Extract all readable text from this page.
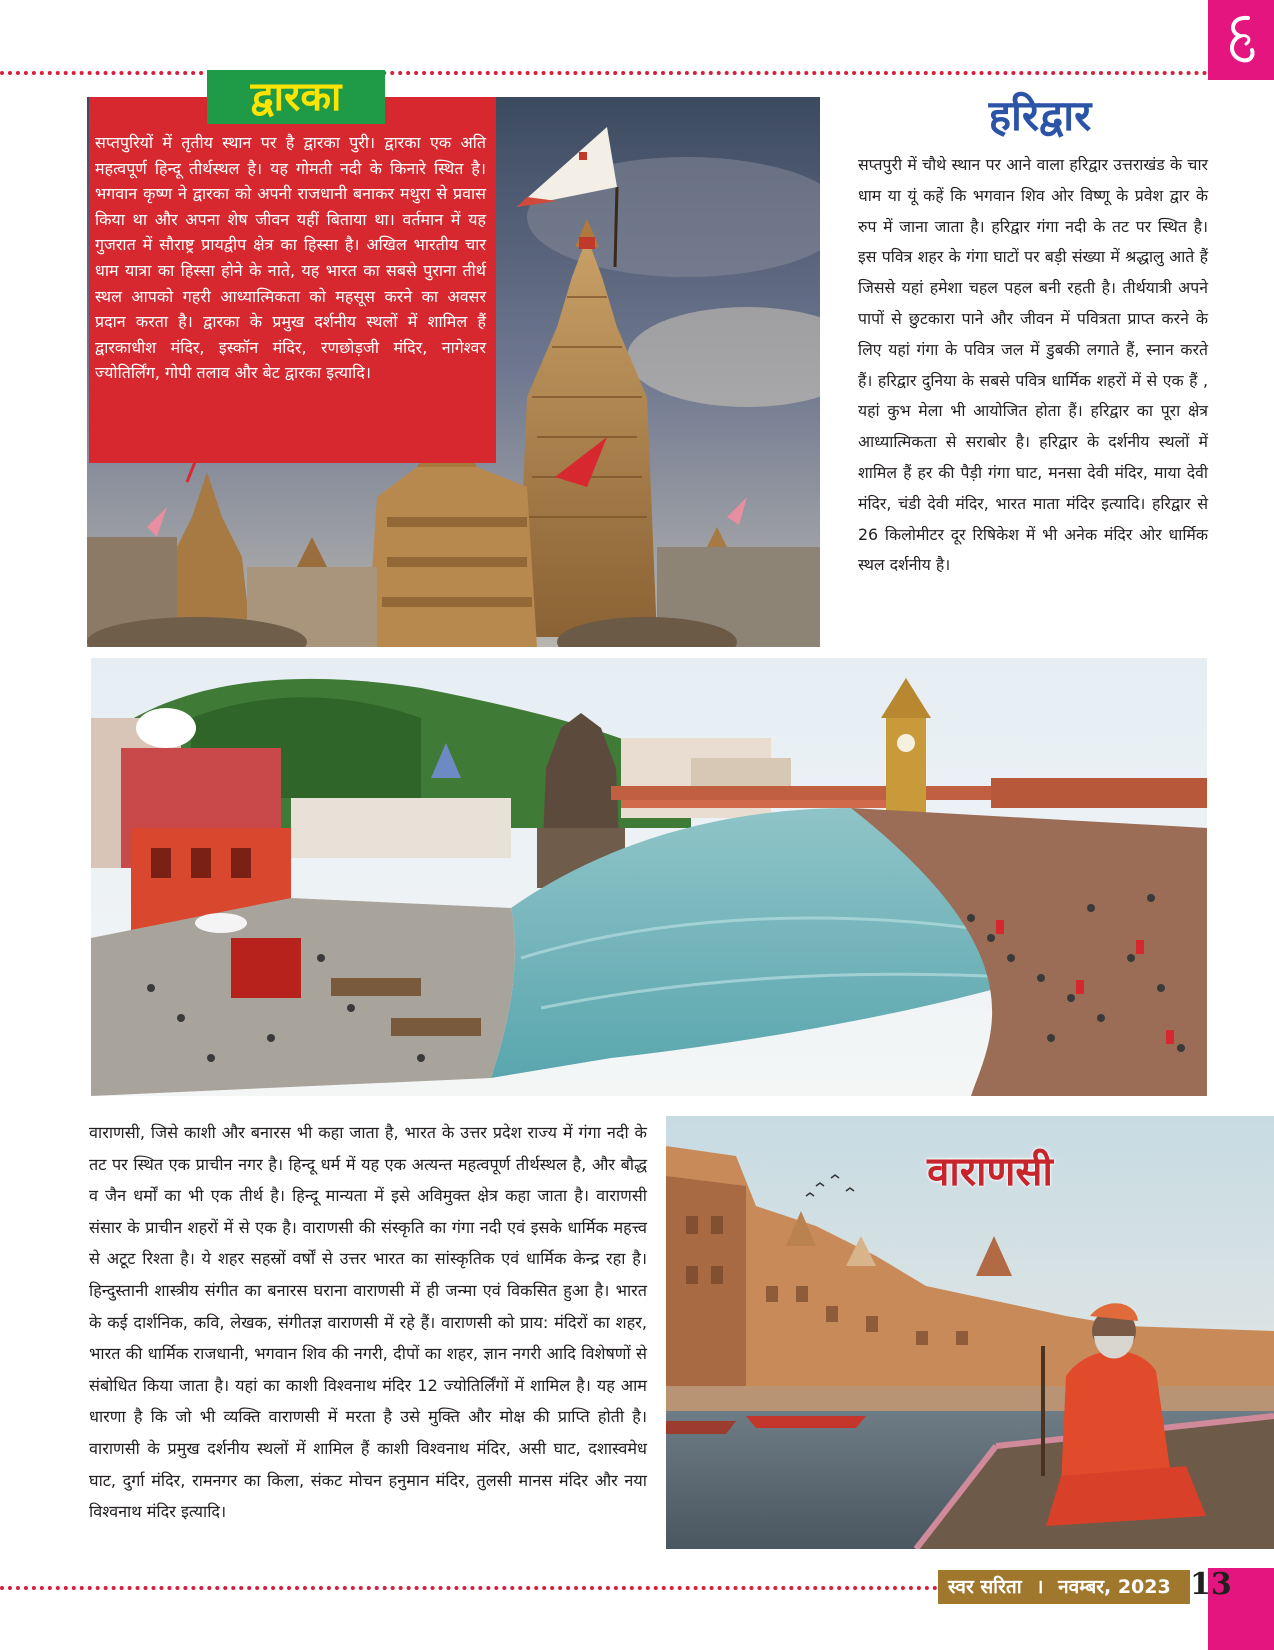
द्वारका
सप्तपुरियों में तृतीय स्थान पर है द्वारका पुरी। द्वारका एक अति महत्वपूर्ण हिन्दू तीर्थस्थल है। यह गोमती नदी के किनारे स्थित है। भगवान कृष्ण ने द्वारका को अपनी राजधानी बनाकर मथुरा से प्रवास किया था और अपना शेष जीवन यहीं बिताया था। वर्तमान में यह गुजरात में सौराष्ट्र प्रायद्वीप क्षेत्र का हिस्सा है। अखिल भारतीय चार धाम यात्रा का हिस्सा होने के नाते, यह भारत का सबसे पुराना तीर्थ स्थल आपको गहरी आध्यात्मिकता को महसूस करने का अवसर प्रदान करता है। द्वारका के प्रमुख दर्शनीय स्थलों में शामिल हैं द्वारकाधीश मंदिर, इस्कॉन मंदिर, रणछोड़जी मंदिर, नागेश्वर ज्योतिर्लिंग, गोपी तलाव और बेट द्वारका इत्यादि।
हरिद्वार
सप्तपुरी में चौथे स्थान पर आने वाला हरिद्वार उत्तराखंड के चार धाम या यूं कहें कि भगवान शिव ओर विष्णू के प्रवेश द्वार के रुप में जाना जाता है। हरिद्वार गंगा नदी के तट पर स्थित है। इस पवित्र शहर के गंगा घाटों पर बड़ी संख्या में श्रद्धालु आते हैं जिससे यहां हमेशा चहल पहल बनी रहती है। तीर्थयात्री अपने पापों से छुटकारा पाने और जीवन में पवित्रता प्राप्त करने के लिए यहां गंगा के पवित्र जल में डुबकी लगाते हैं, स्नान करते हैं। हरिद्वार दुनिया के सबसे पवित्र धार्मिक शहरों में से एक हैं , यहां कुभ मेला भी आयोजित होता हैं। हरिद्वार का पूरा क्षेत्र आध्यात्मिकता से सराबोर है। हरिद्वार के दर्शनीय स्थलों में शामिल हैं हर की पैड़ी गंगा घाट, मनसा देवी मंदिर, माया देवी मंदिर, चंडी देवी मंदिर, भारत माता मंदिर इत्यादि। हरिद्वार से 26 किलोमीटर दूर रिषिकेश में भी अनेक मंदिर ओर धार्मिक स्थल दर्शनीय है।
वाराणसी, जिसे काशी और बनारस भी कहा जाता है, भारत के उत्तर प्रदेश राज्य में गंगा नदी के तट पर स्थित एक प्राचीन नगर है। हिन्दू धर्म में यह एक अत्यन्त महत्वपूर्ण तीर्थस्थल है, और बौद्ध व जैन धर्मों का भी एक तीर्थ है। हिन्दू मान्यता में इसे अविमुक्त क्षेत्र कहा जाता है। वाराणसी संसार के प्राचीन शहरों में से एक है। वाराणसी की संस्कृति का गंगा नदी एवं इसके धार्मिक महत्त्व से अटूट रिश्ता है। ये शहर सहस्रों वर्षों से उत्तर भारत का सांस्कृतिक एवं धार्मिक केन्द्र रहा है। हिन्दुस्तानी शास्त्रीय संगीत का बनारस घराना वाराणसी में ही जन्मा एवं विकसित हुआ है। भारत के कई दार्शनिक, कवि, लेखक, संगीतज्ञ वाराणसी में रहे हैं। वाराणसी को प्राय: मंदिरों का शहर, भारत की धार्मिक राजधानी, भगवान शिव की नगरी, दीपों का शहर, ज्ञान नगरी आदि विशेषणों से संबोधित किया जाता है। यहां का काशी विश्वनाथ मंदिर 12 ज्योतिर्लिंगों में शामिल है। यह आम धारणा है कि जो भी व्यक्ति वाराणसी में मरता है उसे मुक्ति और मोक्ष की प्राप्ति होती है। वाराणसी के प्रमुख दर्शनीय स्थलों में शामिल हैं काशी विश्वनाथ मंदिर, असी घाट, दशास्वमेध घाट, दुर्गा मंदिर, रामनगर का किला, संकट मोचन हनुमान मंदिर, तुलसी मानस मंदिर और नया विश्वनाथ मंदिर इत्यादि।
वाराणसी
स्वर सरिता । नवम्बर, 2023 13
